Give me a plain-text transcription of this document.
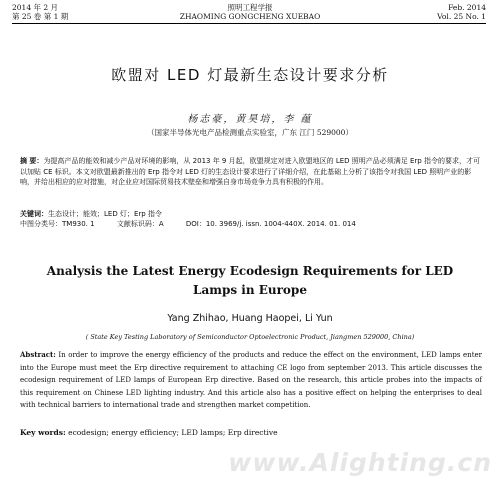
2014 年 2 月
第 25 卷 第 1 期
照明工程学报
ZHAOMING GONGCHENG XUEBAO
Feb. 2014
Vol. 25 No. 1
欧盟对 LED 灯最新生态设计要求分析
杨志豪，黄昊培，李 蕴
（国家半导体光电产品检测重点实验室，广东 江门 529000）

摘 要：为提高产品的能效和减少产品对环境的影响，从 2013 年 9 月起，欧盟规定对进入欧盟地区的 LED 照明产品必须满足 Erp 指令的要求，才可以加贴 CE 标识。本文对欧盟最新推出的 Erp 指令对 LED 灯的生态设计要求进行了详细介绍，在此基础上分析了该指令对我国 LED 照明产业的影响，并给出相应的应对措施，对企业应对国际贸易技术壁垒和增强自身市场竞争力具有积极的作用。

关键词：生态设计；能效；LED 灯；Erp 指令

中图分类号：TM930. 1	文献标识码：A	DOI：10. 3969/j. issn. 1004-440X. 2014. 01. 014

Analysis the Latest Energy Ecodesign Requirements for LED
Lamps in Europe
Yang Zhihao, Huang Haopei, Li Yun
( State Key Testing Laboratory of Semiconductor Optoelectronic Product, Jiangmen 529000, China)

Abstract: In order to improve the energy efficiency of the products and reduce the effect on the environment, LED lamps enter into the Europe must meet the Erp directive requirement to attaching CE logo from september 2013. This article discusses the ecodesign requirement of LED lamps of European Erp directive. Based on the research, this article probes into the impacts of this requirement on Chinese LED lighting industry. And this article also has a positive effect on helping the enterprises to deal with technical barriers to international trade and strengthen market competition.

Key words: ecodesign; energy efficiency; LED lamps; Erp directive
www.Alighting.cn
